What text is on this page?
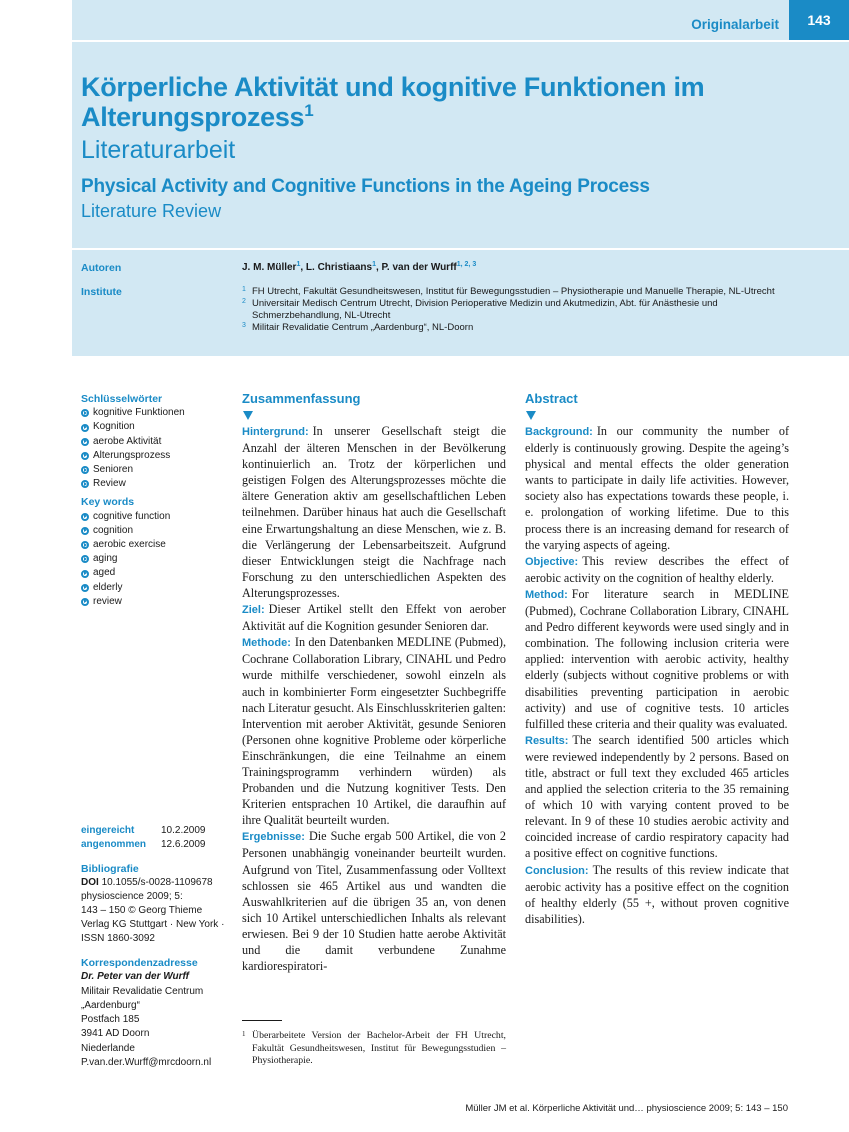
Originalarbeit	143
Körperliche Aktivität und kognitive Funktionen im Alterungsprozess$^1$
Literaturarbeit
Physical Activity and Cognitive Functions in the Ageing Process
Literature Review
Autoren	J. M. Müller$^1$, L. Christiaans$^1$, P. van der Wurff$^{1, 2, 3}$
Institute	1 FH Utrecht, Fakultät Gesundheitswesen, Institut für Bewegungsstudien – Physiotherapie und Manuelle Therapie, NL-Utrecht
2 Universitair Medisch Centrum Utrecht, Division Perioperative Medizin und Akutmedizin, Abt. für Anästhesie und Schmerzbehandlung, NL-Utrecht
3 Militair Revalidatie Centrum „Aardenburg“, NL-Doorn
Schlüsselwörter
kognitive Funktionen
Kognition
aerobe Aktivität
Alterungsprozess
Senioren
Review
Key words
cognitive function
cognition
aerobic exercise
aging
aged
elderly
review
eingereicht	10.2.2009
angenommen	12.6.2009
Bibliografie
DOI 10.1055/s-0028-1109678
physioscience 2009; 5:
143 – 150 © Georg Thieme
Verlag KG Stuttgart · New York ·
ISSN 1860-3092
Korrespondenzadresse
Dr. Peter van der Wurff
Militair Revalidatie Centrum
„Aardenburg“
Postfach 185
3941 AD Doorn
Niederlande
P.van.der.Wurff@mrcdoorn.nl
Zusammenfassung

Hintergrund: In unserer Gesellschaft steigt die Anzahl der älteren Menschen in der Bevölkerung kontinuierlich an. Trotz der körperlichen und geistigen Folgen des Alterungsprozesses möchte die ältere Generation aktiv am gesellschaftlichen Leben teilnehmen. Darüber hinaus hat auch die Gesellschaft eine Erwartungshaltung an diese Menschen, wie z. B. die Verlängerung der Lebensarbeitszeit. Aufgrund dieser Entwicklungen steigt die Nachfrage nach Forschung zu den unterschiedlichen Aspekten des Alterungsprozesses.

Ziel: Dieser Artikel stellt den Effekt von aerober Aktivität auf die Kognition gesunder Senioren dar.

Methode: In den Datenbanken MEDLINE (Pubmed), Cochrane Collaboration Library, CINAHL und Pedro wurde mithilfe verschiedener, sowohl einzeln als auch in kombinierter Form eingesetzter Suchbegriffe nach Literatur gesucht. Als Einschlusskriterien galten: Intervention mit aerober Aktivität, gesunde Senioren (Personen ohne kognitive Probleme oder körperliche Einschränkungen, die eine Teilnahme an einem Trainingsprogramm verhindern würden) als Probanden und die Nutzung kognitiver Tests. Den Kriterien entsprachen 10 Artikel, die daraufhin auf ihre Qualität beurteilt wurden.

Ergebnisse: Die Suche ergab 500 Artikel, die von 2 Personen unabhängig voneinander beurteilt wurden. Aufgrund von Titel, Zusammenfassung oder Volltext schlossen sie 465 Artikel aus und wandten die Auswahlkriterien auf die übrigen 35 an, von denen sich 10 Artikel unterschiedlichen Inhalts als relevant erwiesen. Bei 9 der 10 Studien hatte aerobe Aktivität und die damit verbundene Zunahme kardiorespiratori-

Abstract

Background: In our community the number of elderly is continuously growing. Despite the ageing’s physical and mental effects the older generation wants to participate in daily life activities. However, society also has expectations towards these people, i. e. prolongation of working lifetime. Due to this process there is an increasing demand for research of the varying aspects of ageing.

Objective: This review describes the effect of aerobic activity on the cognition of healthy elderly.

Method: For literature search in MEDLINE (Pubmed), Cochrane Collaboration Library, CINAHL and Pedro different keywords were used singly and in combination. The following inclusion criteria were applied: intervention with aerobic activity, healthy elderly (subjects without cognitive problems or with disabilities preventing participation in aerobic activity) and use of cognitive tests. 10 articles fulfilled these criteria and their quality was evaluated.

Results: The search identified 500 articles which were reviewed independently by 2 persons. Based on title, abstract or full text they excluded 465 articles and applied the selection criteria to the 35 remaining of which 10 with varying content proved to be relevant. In 9 of these 10 studies aerobic activity and coincided increase of cardio respiratory capacity had a positive effect on cognitive functions.

Conclusion: The results of this review indicate that aerobic activity has a positive effect on the cognition of healthy elderly (55 +, without proven cognitive disabilities).

1 Überarbeitete Version der Bachelor-Arbeit der FH Utrecht, Fakultät Gesundheitswesen, Institut für Bewegungsstudien – Physiotherapie.
Müller JM et al. Körperliche Aktivität und… physioscience 2009; 5: 143 – 150
